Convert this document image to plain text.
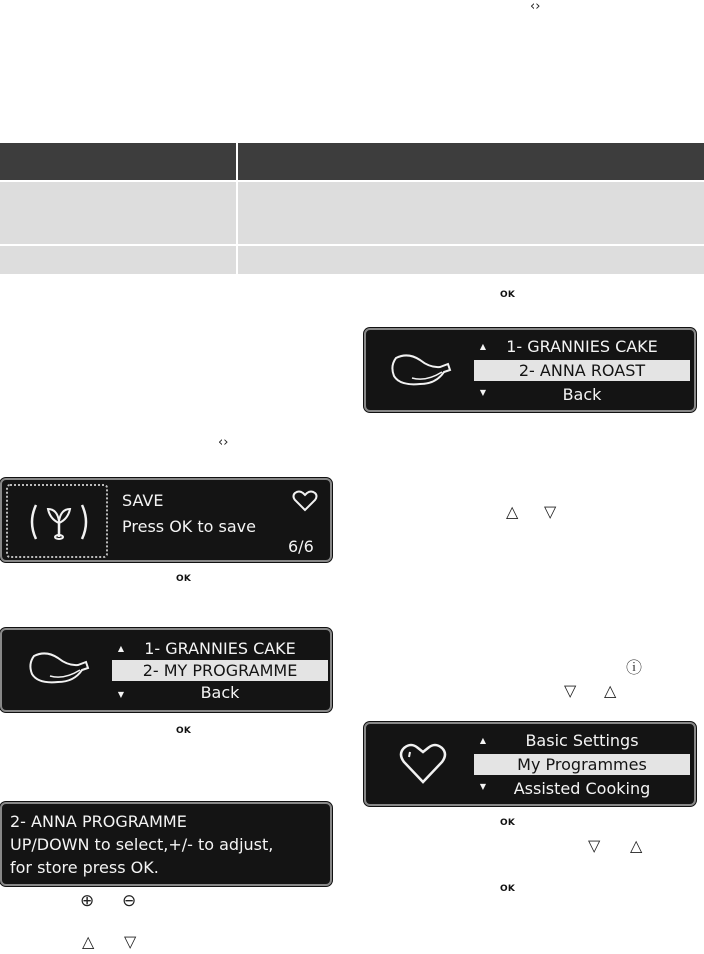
‹›
OK
‹›
SAVE
Press OK to save
6/6
OK
▲
▼
1- GRANNIES CAKE
2- MY PROGRAMME
Back
OK
2- ANNA PROGRAMME
UP/DOWN to select,+/- to adjust,
for store press OK.
⊕ ⊖
△ ▽
▲
▼
1- GRANNIES CAKE
2- ANNA ROAST
Back
△ ▽
ⓘ
▽ △
▲
▼
Basic Settings
My Programmes
Assisted Cooking
OK
▽ △
OK
